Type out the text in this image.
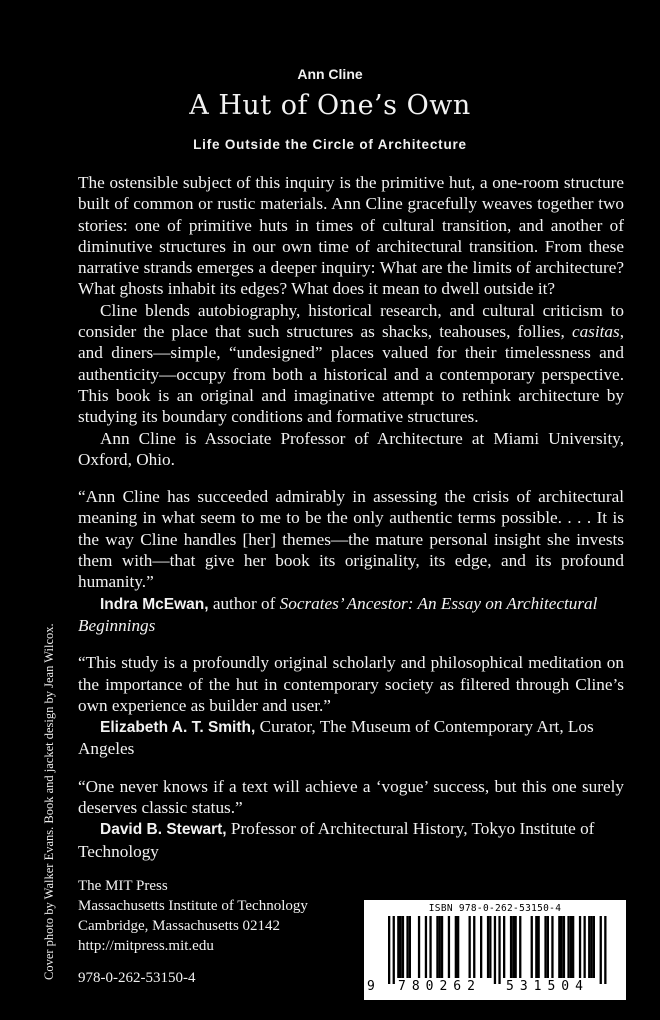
Ann Cline
A Hut of One’s Own
Life Outside the Circle of Architecture

The ostensible subject of this inquiry is the primitive hut, a one-room structure built of common or rustic materials. Ann Cline gracefully weaves together two stories: one of primitive huts in times of cultural transition, and another of diminutive structures in our own time of architectural transition. From these narrative strands emerges a deeper inquiry: What are the limits of architecture? What ghosts inhabit its edges? What does it mean to dwell outside it?

Cline blends autobiography, historical research, and cultural criticism to consider the place that such structures as shacks, teahouses, follies, casitas, and diners—simple, “undesigned” places valued for their timelessness and authenticity—occupy from both a historical and a contemporary perspective. This book is an original and imaginative attempt to rethink architecture by studying its boundary conditions and formative structures.

Ann Cline is Associate Professor of Architecture at Miami University, Oxford, Ohio.

“Ann Cline has succeeded admirably in assessing the crisis of architectural meaning in what seem to me to be the only authentic terms possible. . . . It is the way Cline handles [her] themes—the mature personal insight she invests them with—that give her book its originality, its edge, and its profound humanity.”

Indra McEwan, author of Socrates’ Ancestor: An Essay on Architectural Beginnings

“This study is a profoundly original scholarly and philosophical meditation on the importance of the hut in contemporary society as filtered through Cline’s own experience as builder and user.”

Elizabeth A. T. Smith, Curator, The Museum of Contemporary Art, Los Angeles

“One never knows if a text will achieve a ‘vogue’ success, but this one surely deserves classic status.”

David B. Stewart, Professor of Architectural History, Tokyo Institute of Technology

The MIT Press
Massachusetts Institute of Technology
Cambridge, Massachusetts 02142
http://mitpress.mit.edu
978-0-262-53150-4
Cover photo by Walker Evans. Book and jacket design by Jean Wilcox.	ISBN 978-0-262-53150-4
9 780262 531504
